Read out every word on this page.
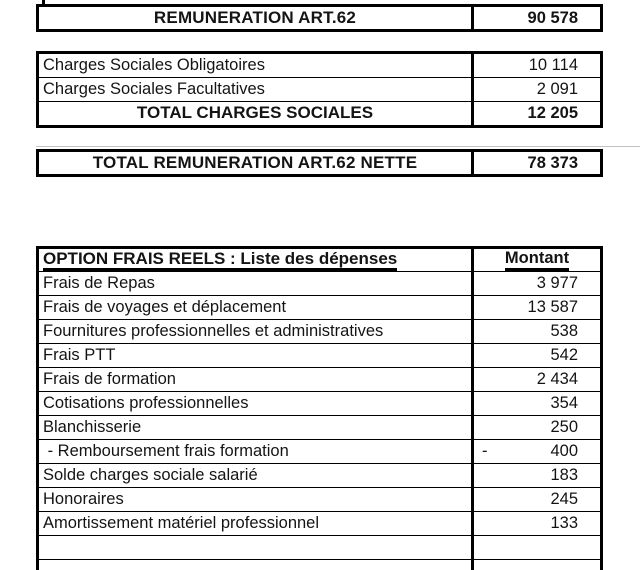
REMUNERATION ART.62	90 578
Charges Sociales Obligatoires	10 114

Charges Sociales Facultatives	2 091

TOTAL CHARGES SOCIALES	12 205
TOTAL REMUNERATION ART.62 NETTE	78 373
OPTION FRAIS REELS : Liste des dépenses	Montant
Frais de Repas	3 977

Frais de voyages et déplacement	13 587

Fournitures professionnelles et administratives	538

Frais PTT	542

Frais de formation	2 434

Cotisations professionnelles	354

Blanchisserie	250

- Remboursement frais formation	- 400

Solde charges sociale salarié	183

Honoraires	245

Amortissement matériel professionnel	133
